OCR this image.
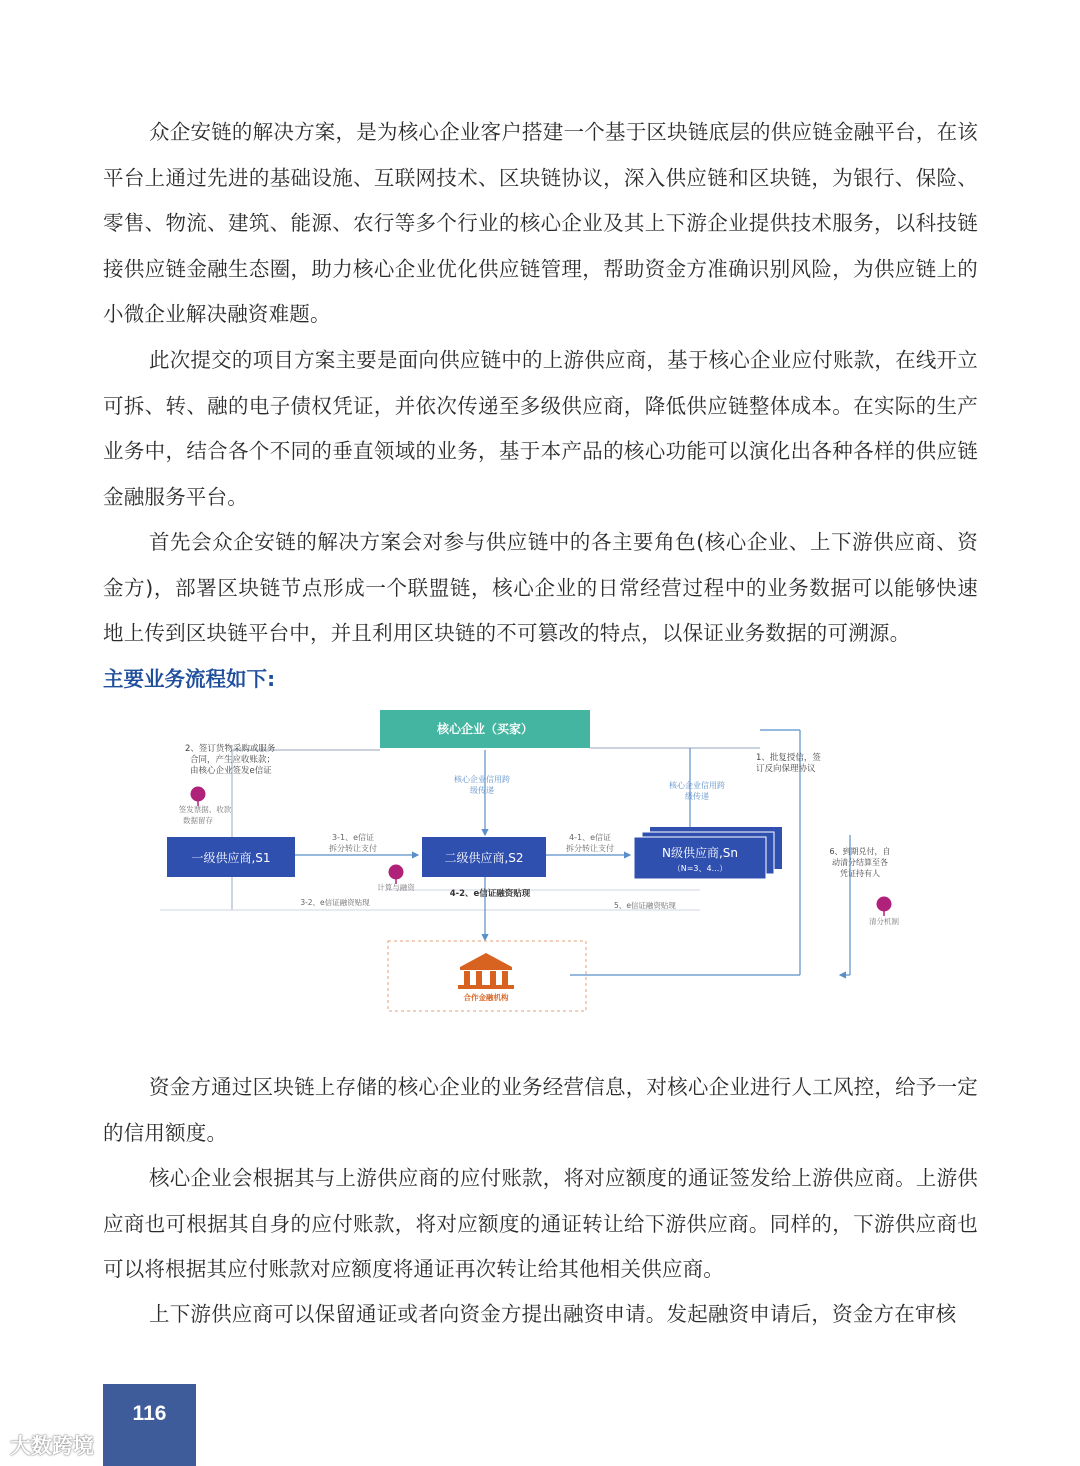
众企安链的解决方案，是为核心企业客户搭建一个基于区块链底层的供应链金融平台，在该平台上通过先进的基础设施、互联网技术、区块链协议，深入供应链和区块链，为银行、保险、零售、物流、建筑、能源、农行等多个行业的核心企业及其上下游企业提供技术服务，以科技链接供应链金融生态圈，助力核心企业优化供应链管理，帮助资金方准确识别风险，为供应链上的小微企业解决融资难题。

此次提交的项目方案主要是面向供应链中的上游供应商，基于核心企业应付账款，在线开立可拆、转、融的电子债权凭证，并依次传递至多级供应商，降低供应链整体成本。在实际的生产业务中，结合各个不同的垂直领域的业务，基于本产品的核心功能可以演化出各种各样的供应链金融服务平台。

首先会众企安链的解决方案会对参与供应链中的各主要角色(核心企业、上下游供应商、资金方)，部署区块链节点形成一个联盟链，核心企业的日常经营过程中的业务数据可以能够快速地上传到区块链平台中，并且利用区块链的不可篡改的特点，以保证业务数据的可溯源。

主要业务流程如下:
核心企业（买家）
一级供应商,S1	二级供应商,S2	N级供应商,Sn
（N=3、4...）
2、签订货物采购或服务
合同，产生应收账款；
由核心企业签发e信证
签发票据、收款
数据留存
核心企业信用跨
级传递
核心企业信用跨
级传递
1、批复授信，签
订反向保理协议
3-1、e信证
拆分转让支付
4-1、e信证
拆分转让支付
计算与融资
3-2、e信证融资贴现
4-2、e信证融资贴现
5、e信证融资贴现
6、到期兑付，自
动清分结算至各
凭证持有人
清分机制
合作金融机构

资金方通过区块链上存储的核心企业的业务经营信息，对核心企业进行人工风控，给予一定的信用额度。

核心企业会根据其与上游供应商的应付账款，将对应额度的通证签发给上游供应商。上游供应商也可根据其自身的应付账款，将对应额度的通证转让给下游供应商。同样的，下游供应商也可以将根据其应付账款对应额度将通证再次转让给其他相关供应商。

上下游供应商可以保留通证或者向资金方提出融资申请。发起融资申请后，资金方在审核

116
大数跨境
